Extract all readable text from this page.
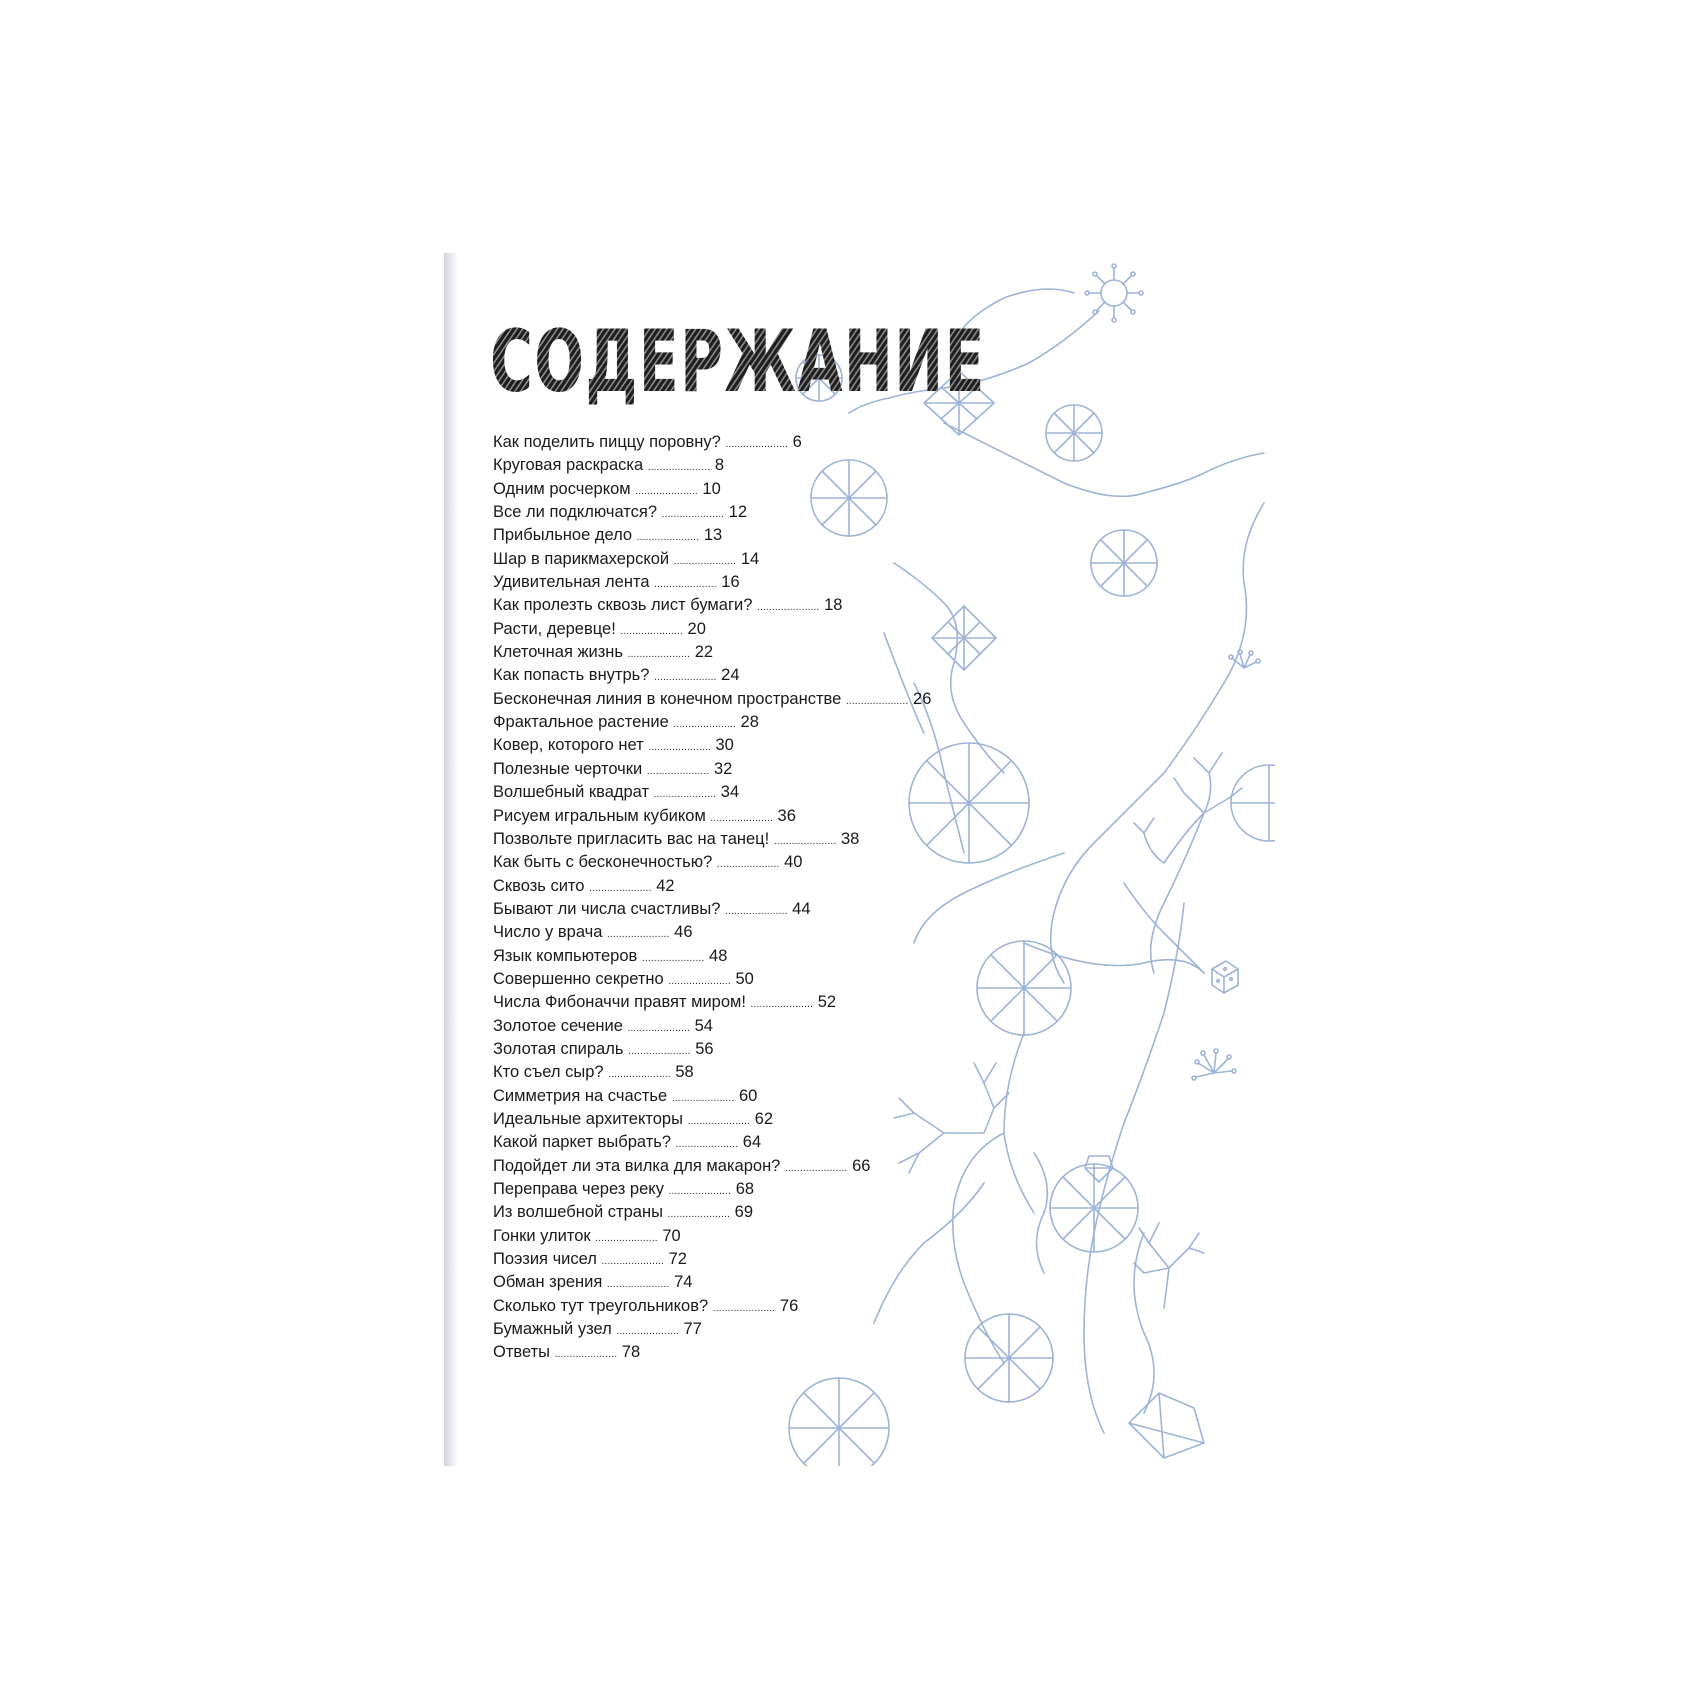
СОДЕРЖАНИЕ
Как поделить пиццу поровну? ..................... 6
Круговая раскраска ..................... 8
Одним росчерком ..................... 10
Все ли подключатся? ..................... 12
Прибыльное дело ..................... 13
Шар в парикмахерской ..................... 14
Удивительная лента ..................... 16
Как пролезть сквозь лист бумаги? ..................... 18
Расти, деревце! ..................... 20
Клеточная жизнь ..................... 22
Как попасть внутрь? ..................... 24
Бесконечная линия в конечном пространстве ..................... 26
Фрактальное растение ..................... 28
Ковер, которого нет ..................... 30
Полезные черточки ..................... 32
Волшебный квадрат ..................... 34
Рисуем игральным кубиком ..................... 36
Позвольте пригласить вас на танец! ..................... 38
Как быть с бесконечностью? ..................... 40
Сквозь сито ..................... 42
Бывают ли числа счастливы? ..................... 44
Число у врача ..................... 46
Язык компьютеров ..................... 48
Совершенно секретно ..................... 50
Числа Фибоначчи правят миром! ..................... 52
Золотое сечение ..................... 54
Золотая спираль ..................... 56
Кто съел сыр? ..................... 58
Симметрия на счастье ..................... 60
Идеальные архитекторы ..................... 62
Какой паркет выбрать? ..................... 64
Подойдет ли эта вилка для макарон? ..................... 66
Переправа через реку ..................... 68
Из волшебной страны ..................... 69
Гонки улиток ..................... 70
Поэзия чисел ..................... 72
Обман зрения ..................... 74
Сколько тут треугольников? ..................... 76
Бумажный узел ..................... 77
Ответы ..................... 78
